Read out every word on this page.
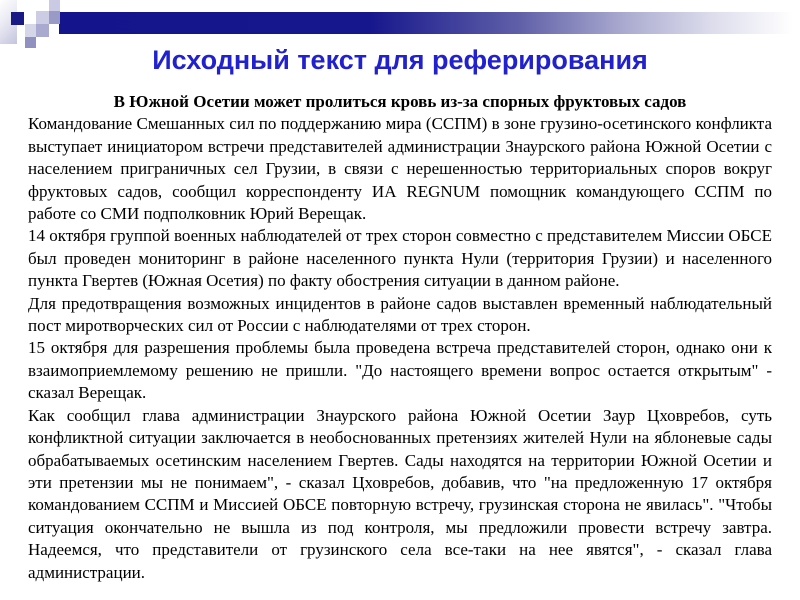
Исходный текст для реферирования

В Южной Осетии может пролиться кровь из-за спорных фруктовых садов

Командование Смешанных сил по поддержанию мира (ССПМ) в зоне грузино-осетинского конфликта выступает инициатором встречи представителей администрации Знаурского района Южной Осетии с населением приграничных сел Грузии, в связи с нерешенностью территориальных споров вокруг фруктовых садов, сообщил корреспонденту ИА REGNUM помощник командующего ССПМ по работе со СМИ подполковник Юрий Верещак.

14 октября группой военных наблюдателей от трех сторон совместно с представителем Миссии ОБСЕ был проведен мониторинг в районе населенного пункта Нули (территория Грузии) и населенного пункта Гвертев (Южная Осетия) по факту обострения ситуации в данном районе.

Для предотвращения возможных инцидентов в районе садов выставлен временный наблюдательный пост миротворческих сил от России с наблюдателями от трех сторон.

15 октября для разрешения проблемы была проведена встреча представителей сторон, однако они к взаимоприемлемому решению не пришли. "До настоящего времени вопрос остается открытым" - сказал Верещак.

Как сообщил глава администрации Знаурского района Южной Осетии Заур Цховребов, суть конфликтной ситуации заключается в необоснованных претензиях жителей Нули на яблоневые сады обрабатываемых осетинским населением Гвертев. Сады находятся на территории Южной Осетии и эти претензии мы не понимаем", - сказал Цховребов, добавив, что "на предложенную 17 октября командованием ССПМ и Миссией ОБСЕ повторную встречу, грузинская сторона не явилась". "Чтобы ситуация окончательно не вышла из под контроля, мы предложили провести встречу завтра. Надеемся, что представители от грузинского села все-таки на нее явятся", - сказал глава администрации.
